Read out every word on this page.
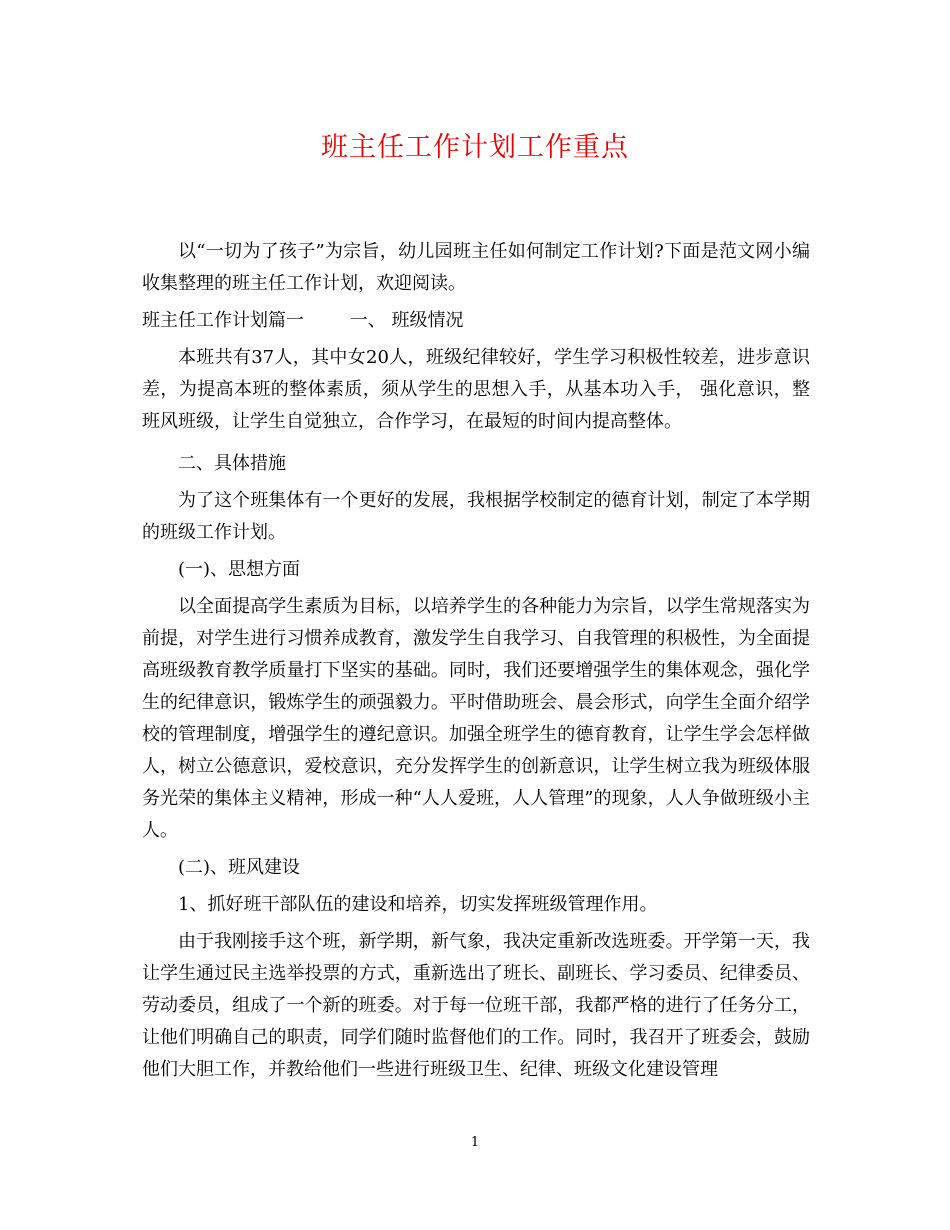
班主任工作计划工作重点

以“一切为了孩子”为宗旨，幼儿园班主任如何制定工作计划?下面是范文网小编收集整理的班主任工作计划，欢迎阅读。

班主任工作计划篇一        一、 班级情况

本班共有37人，其中女20人，班级纪律较好，学生学习积极性较差，进步意识差，为提高本班的整体素质，须从学生的思想入手，从基本功入手， 强化意识，整班风班级，让学生自觉独立，合作学习，在最短的时间内提高整体。

二、具体措施

为了这个班集体有一个更好的发展，我根据学校制定的德育计划，制定了本学期的班级工作计划。

(一)、思想方面

以全面提高学生素质为目标，以培养学生的各种能力为宗旨，以学生常规落实为前提，对学生进行习惯养成教育，激发学生自我学习、自我管理的积极性，为全面提高班级教育教学质量打下坚实的基础。同时，我们还要增强学生的集体观念，强化学生的纪律意识，锻炼学生的顽强毅力。平时借助班会、晨会形式，向学生全面介绍学校的管理制度，增强学生的遵纪意识。加强全班学生的德育教育，让学生学会怎样做人，树立公德意识，爱校意识，充分发挥学生的创新意识，让学生树立我为班级体服务光荣的集体主义精神，形成一种“人人爱班，人人管理”的现象，人人争做班级小主人。

(二)、班风建设

1、抓好班干部队伍的建设和培养，切实发挥班级管理作用。

由于我刚接手这个班，新学期，新气象，我决定重新改选班委。开学第一天，我让学生通过民主选举投票的方式，重新选出了班长、副班长、学习委员、纪律委员、劳动委员，组成了一个新的班委。对于每一位班干部，我都严格的进行了任务分工，让他们明确自己的职责，同学们随时监督他们的工作。同时，我召开了班委会，鼓励他们大胆工作，并教给他们一些进行班级卫生、纪律、班级文化建设管理

1
